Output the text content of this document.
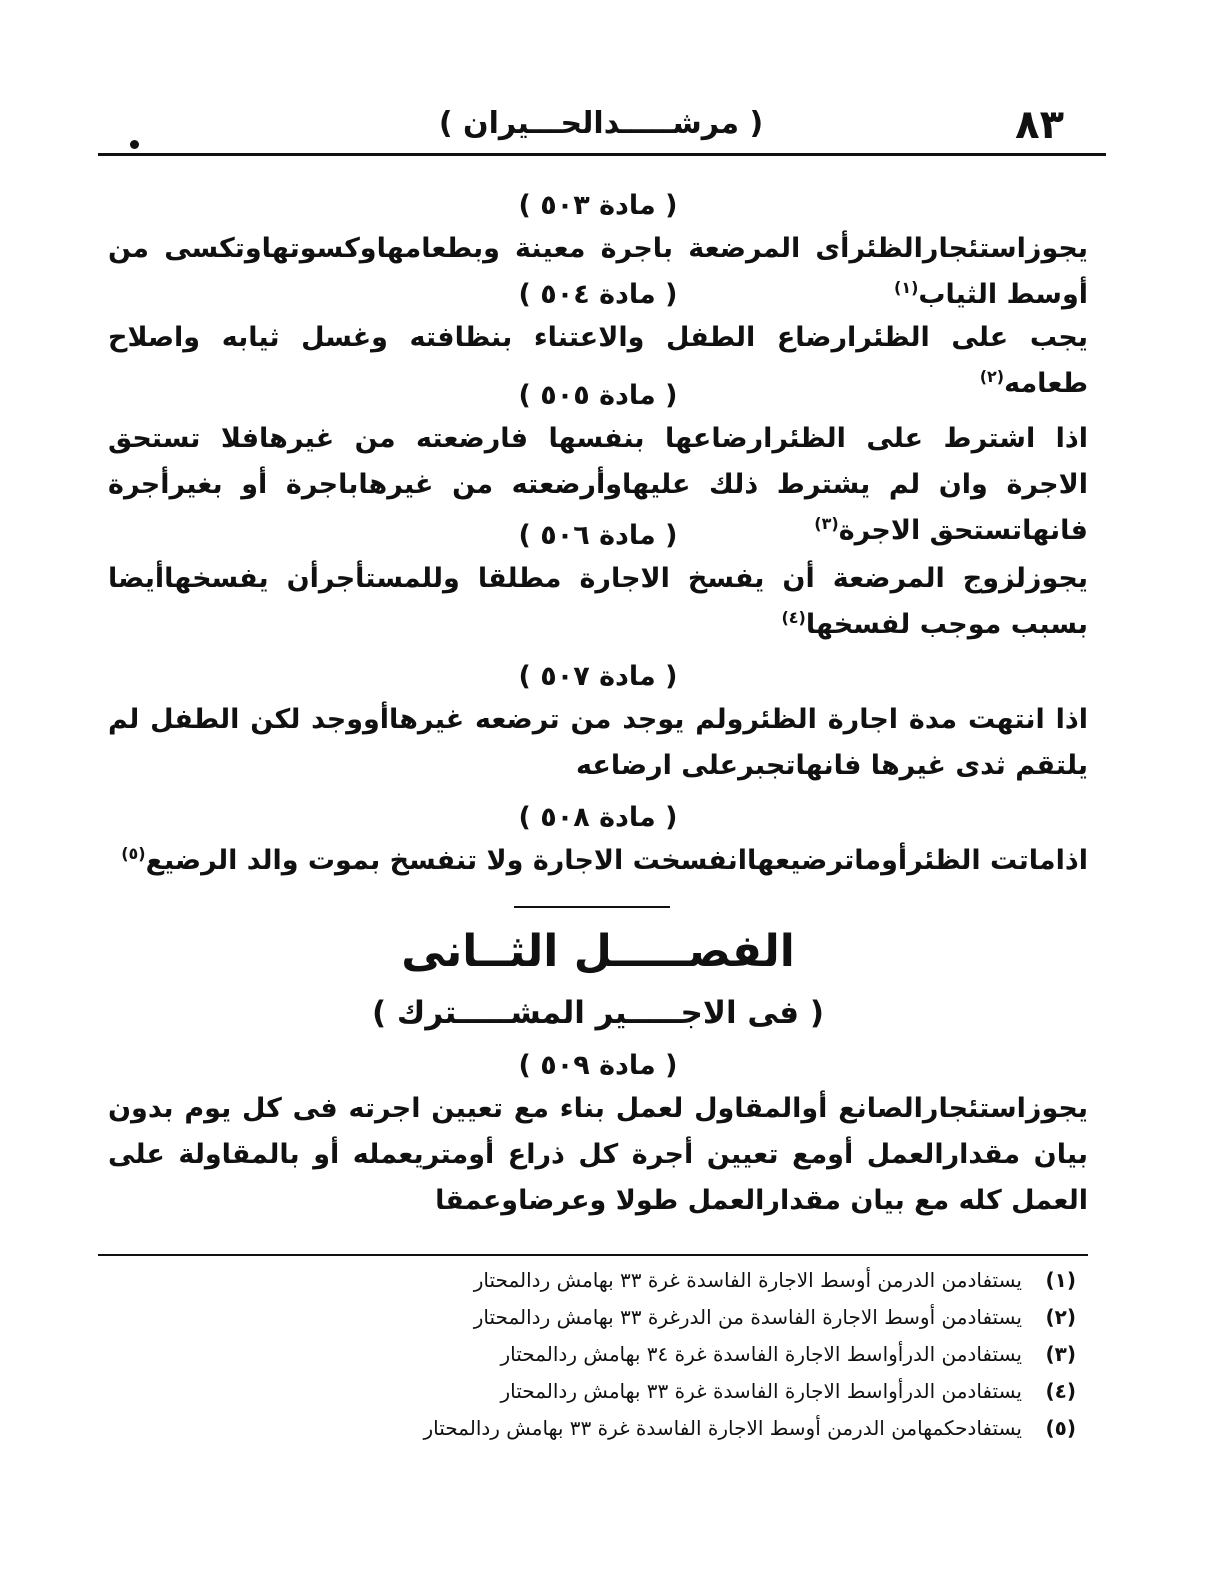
٨٣
( مرشـــــدالحـــيران )
( مادة ٥٠٣ )
يجوزاستئجارالظئرأى المرضعة باجرة معينة وبطعامهاوكسوتهاوتكسى من أوسط الثياب$^{(١)}$
( مادة ٥٠٤ )
يجب على الظئرارضاع الطفل والاعتناء بنظافته وغسل ثيابه واصلاح طعامه$^{(٢)}$
( مادة ٥٠٥ )
اذا اشترط على الظئرارضاعها بنفسها فارضعته من غيرهافلا تستحق الاجرة وان لم يشترط ذلك عليهاوأرضعته من غيرهاباجرة أو بغيرأجرة فانهاتستحق الاجرة$^{(٣)}$
( مادة ٥٠٦ )
يجوزلزوج المرضعة أن يفسخ الاجارة مطلقا وللمستأجرأن يفسخهاأيضا بسبب موجب لفسخها$^{(٤)}$
( مادة ٥٠٧ )
اذا انتهت مدة اجارة الظئرولم يوجد من ترضعه غيرهاأووجد لكن الطفل لم يلتقم ثدى غيرها فانهاتجبرعلى ارضاعه
( مادة ٥٠٨ )
اذاماتت الظئرأوماترضيعهاانفسخت الاجارة ولا تنفسخ بموت والد الرضيع$^{(٥)}$
الفصـــــل الثــانى
( فى الاجـــــير المشـــــترك )
( مادة ٥٠٩ )
يجوزاستئجارالصانع أوالمقاول لعمل بناء مع تعيين اجرته فى كل يوم بدون بيان مقدارالعمل أومع تعيين أجرة كل ذراع أومتريعمله أو بالمقاولة على العمل كله مع بيان مقدارالعمل طولا وعرضاوعمقا
(١)يستفادمن الدرمن أوسط الاجارة الفاسدة غرة ٣٣ بهامش ردالمحتار
(٢)يستفادمن أوسط الاجارة الفاسدة من الدرغرة ٣٣ بهامش ردالمحتار
(٣)يستفادمن الدرأواسط الاجارة الفاسدة غرة ٣٤ بهامش ردالمحتار
(٤)يستفادمن الدرأواسط الاجارة الفاسدة غرة ٣٣ بهامش ردالمحتار
(٥)يستفادحكمهامن الدرمن أوسط الاجارة الفاسدة غرة ٣٣ بهامش ردالمحتار
